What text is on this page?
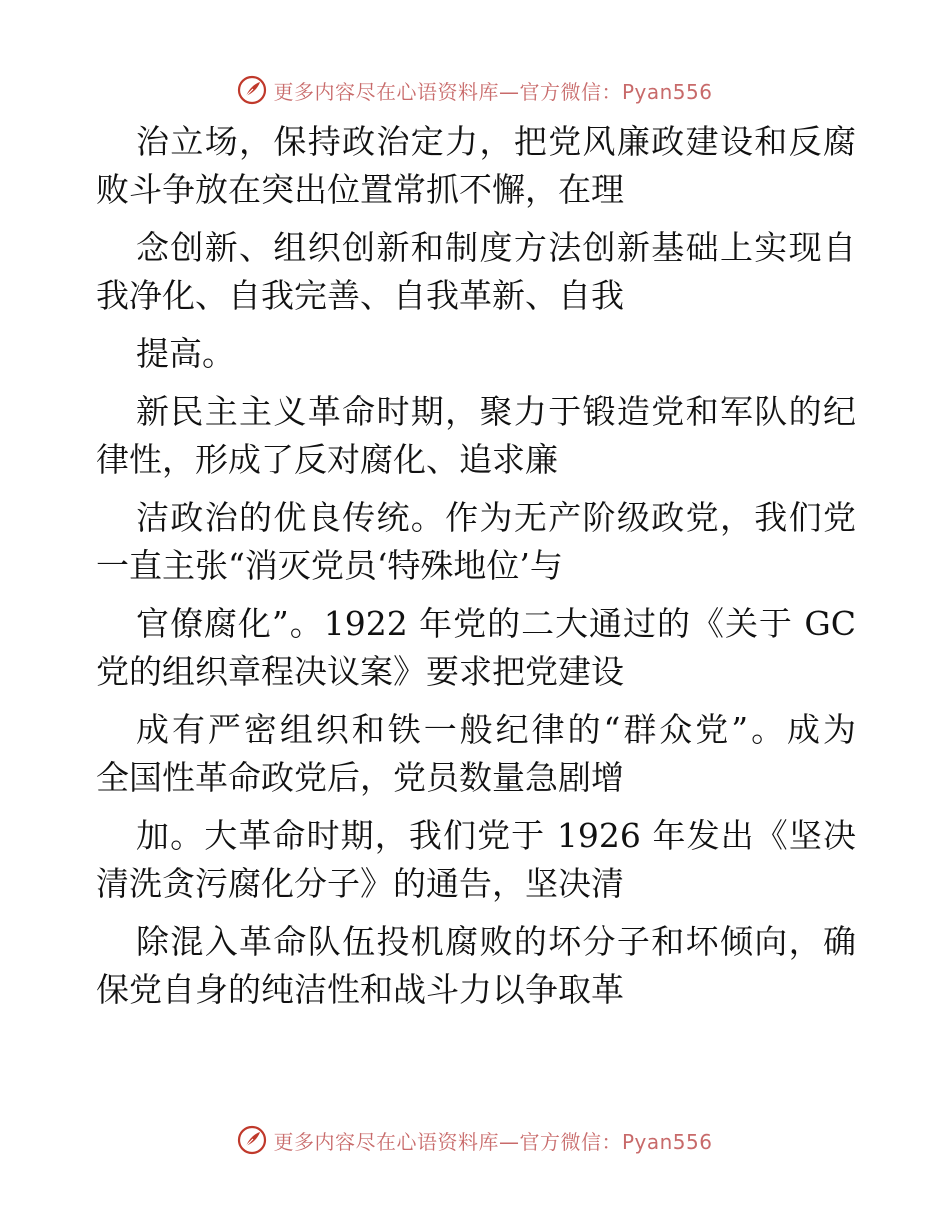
更多内容尽在心语资料库—官方微信：Pyan556
治立场，保持政治定力，把党风廉政建设和反腐
败斗争放在突出位置常抓不懈，在理
念创新、组织创新和制度方法创新基础上实现自
我净化、自我完善、自我革新、自我
提高。
新民主主义革命时期，聚力于锻造党和军队的纪
律性，形成了反对腐化、追求廉
洁政治的优良传统。作为无产阶级政党，我们党
一直主张“消灭党员‘特殊地位’与
官僚腐化”。1922 年党的二大通过的《关于 GC
党的组织章程决议案》要求把党建设
成有严密组织和铁一般纪律的“群众党”。成为
全国性革命政党后，党员数量急剧增
加。大革命时期，我们党于 1926 年发出《坚决
清洗贪污腐化分子》的通告，坚决清
除混入革命队伍投机腐败的坏分子和坏倾向，确
保党自身的纯洁性和战斗力以争取革
更多内容尽在心语资料库—官方微信：Pyan556
